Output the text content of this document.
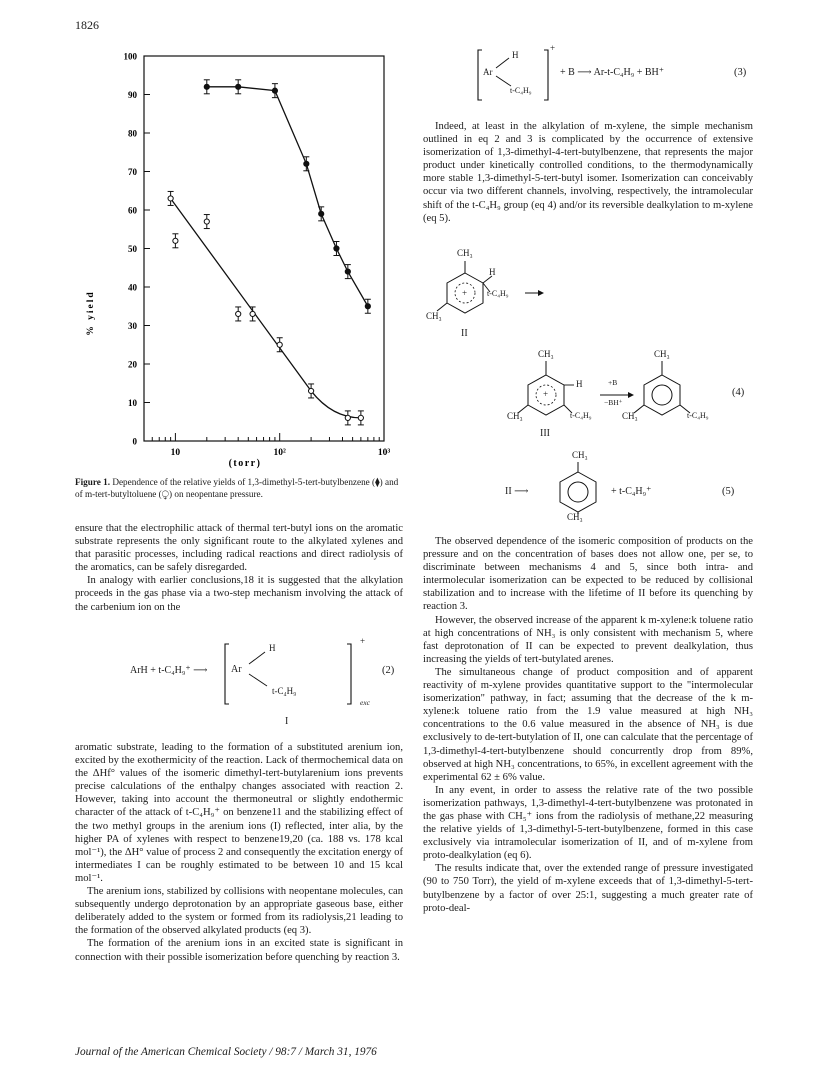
1826
0
10
20
30
40
50
60
70
80
90
100
10	10²	10³
% yield
(torr)
Figure 1. Dependence of the relative yields of 1,3-dimethyl-5-tert-butylbenzene (⧫) and of m-tert-butyltoluene (⧬) on neopentane pressure.

ensure that the electrophilic attack of thermal tert-butyl ions on the aromatic substrate represents the only significant route to the alkylated xylenes and that parasitic processes, including radical reactions and direct radiolysis of the aromatics, can be safely disregarded.

In analogy with earlier conclusions,18 it is suggested that the alkylation proceeds in the gas phase via a two-step mechanism involving the attack of the carbenium ion on the

ArH + t-C₄H₉⁺ ⟶ Ar
H
t-C₄H₉
+
exc
I
(2)

aromatic substrate, leading to the formation of a substituted arenium ion, excited by the exothermicity of the reaction. Lack of thermochemical data on the ΔHf° values of the isomeric dimethyl-tert-butylarenium ions prevents precise calculations of the enthalpy changes associated with reaction 2. However, taking into account the thermoneutral or slightly endothermic character of the attack of t-C₄H₉⁺ on benzene11 and the stabilizing effect of the two methyl groups in the arenium ions (I) reflected, inter alia, by the higher PA of xylenes with respect to benzene19,20 (ca. 188 vs. 178 kcal mol⁻¹), the ΔH° value of process 2 and consequently the excitation energy of intermediates I can be roughly estimated to be between 10 and 15 kcal mol⁻¹.

The arenium ions, stabilized by collisions with neopentane molecules, can subsequently undergo deprotonation by an appropriate gaseous base, either deliberately added to the system or formed from its radiolysis,21 leading to the formation of the observed alkylated products (eq 3).

The formation of the arenium ions in an excited state is significant in connection with their possible isomerization before quenching by reaction 3.

Ar
H
t-C₄H₉
+
+ B ⟶ Ar-t-C₄H₉ + BH⁺	(3)

Indeed, at least in the alkylation of m-xylene, the simple mechanism outlined in eq 2 and 3 is complicated by the occurrence of extensive isomerization of 1,3-dimethyl-4-tert-butylbenzene, that represents the major product under kinetically controlled conditions, to the thermodynamically more stable 1,3-dimethyl-5-tert-butyl isomer. Isomerization can conceivably occur via two different channels, involving, respectively, the intramolecular shift of the t-C₄H₉ group (eq 4) and/or its reversible dealkylation to m-xylene (eq 5).

+
CH₃
CH₃
H
t-C₄H₉
II
+
CH₃
CH₃
H
t-C₄H₉
+B
−BH⁺
CH₃
CH₃	t-C₄H₉
III
(4)
II ⟶
CH₃
CH₃
+ t-C₄H₉⁺	(5)

The observed dependence of the isomeric composition of products on the pressure and on the concentration of bases does not allow one, per se, to discriminate between mechanisms 4 and 5, since both intra- and intermolecular isomerization can be expected to be reduced by collisional stabilization and to increase with the lifetime of II before its quenching by reaction 3.

However, the observed increase of the apparent k m-xylene:k toluene ratio at high concentrations of NH₃ is only consistent with mechanism 5, where fast deprotonation of II can be expected to prevent dealkylation, thus increasing the yields of tert-butylated arenes.

The simultaneous change of product composition and of apparent reactivity of m-xylene provides quantitative support to the "intermolecular isomerization" pathway, in fact; assuming that the decrease of the k m-xylene:k toluene ratio from the 1.9 value measured at high NH₃ concentrations to the 0.6 value measured in the absence of NH₃ is due exclusively to de-tert-butylation of II, one can calculate that the percentage of 1,3-dimethyl-4-tert-butylbenzene should concurrently drop from 89%, observed at high NH₃ concentrations, to 65%, in excellent agreement with the experimental 62 ± 6% value.

In any event, in order to assess the relative rate of the two possible isomerization pathways, 1,3-dimethyl-4-tert-butylbenzene was protonated in the gas phase with CH₅⁺ ions from the radiolysis of methane,22 measuring the relative yields of 1,3-dimethyl-5-tert-butylbenzene, formed in this case exclusively via intramolecular isomerization of II, and of m-xylene from proto-dealkylation (eq 6).

The results indicate that, over the extended range of pressure investigated (90 to 750 Torr), the yield of m-xylene exceeds that of 1,3-dimethyl-5-tert-butylbenzene by a factor of over 25:1, suggesting a much greater rate of proto-deal-

Journal of the American Chemical Society / 98:7 / March 31, 1976
